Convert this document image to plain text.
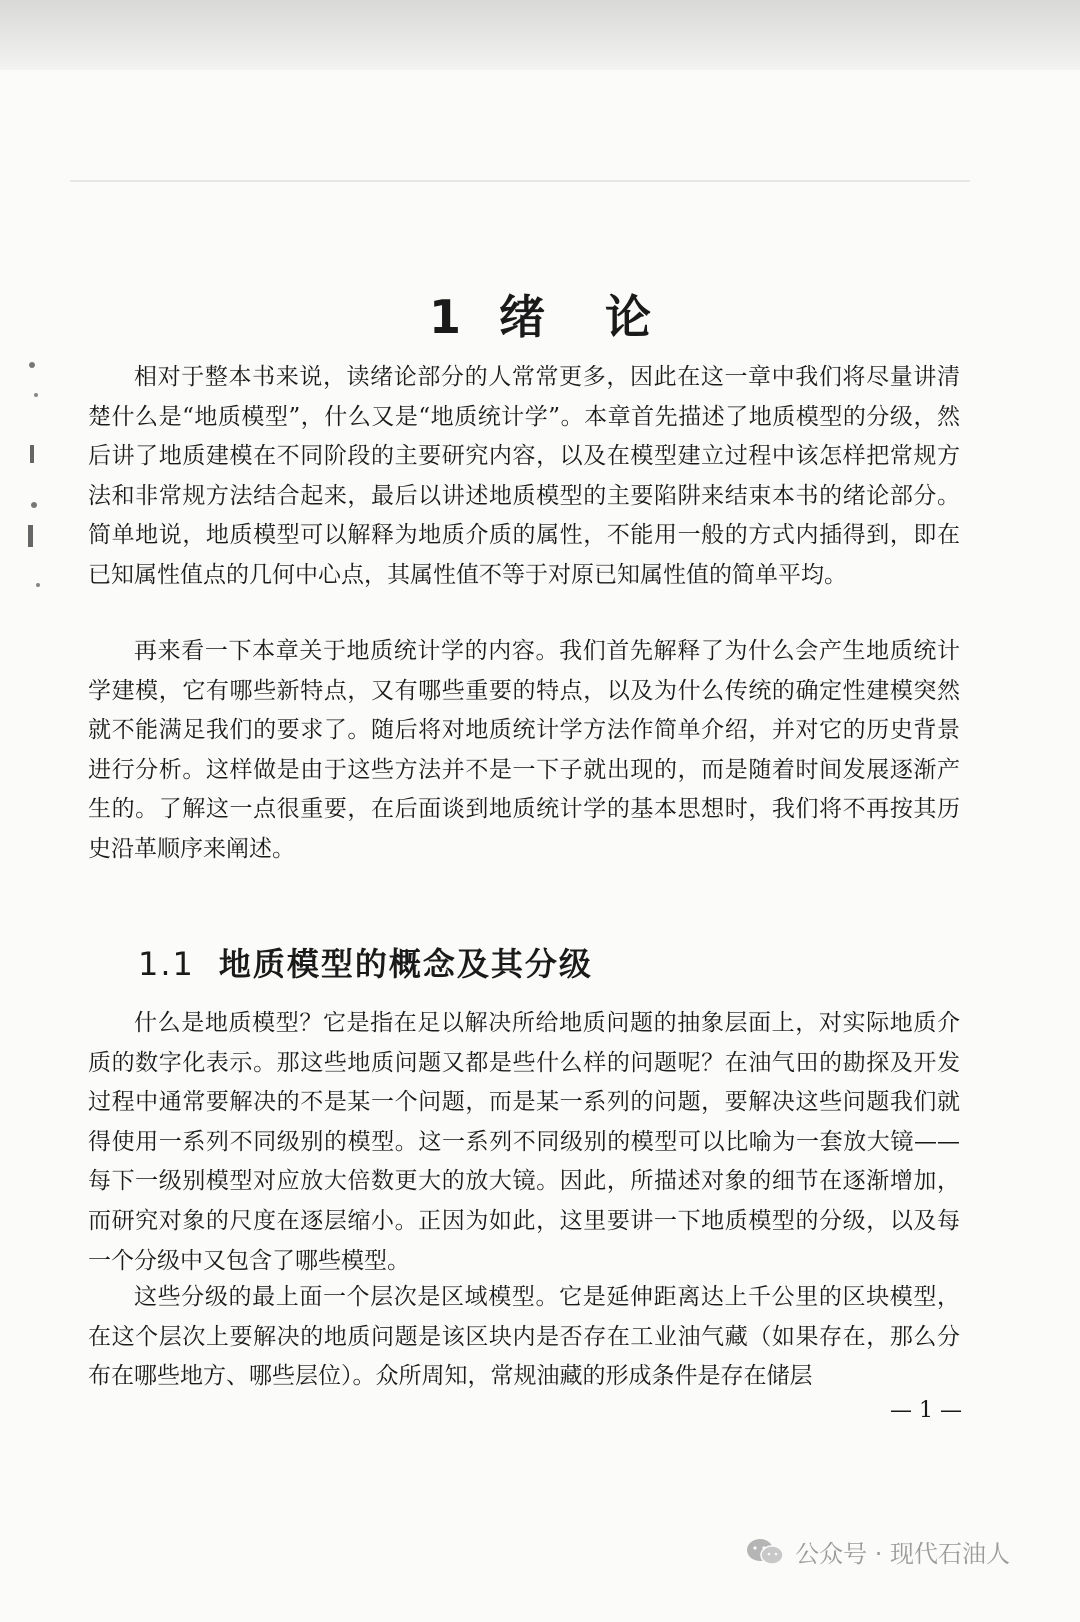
1 绪论

相对于整本书来说，读绪论部分的人常常更多，因此在这一章中我们将尽量讲清楚什么是“地质模型”，什么又是“地质统计学”。本章首先描述了地质模型的分级，然后讲了地质建模在不同阶段的主要研究内容，以及在模型建立过程中该怎样把常规方法和非常规方法结合起来，最后以讲述地质模型的主要陷阱来结束本书的绪论部分。简单地说，地质模型可以解释为地质介质的属性，不能用一般的方式内插得到，即在已知属性值点的几何中心点，其属性值不等于对原已知属性值的简单平均。

再来看一下本章关于地质统计学的内容。我们首先解释了为什么会产生地质统计学建模，它有哪些新特点，又有哪些重要的特点，以及为什么传统的确定性建模突然就不能满足我们的要求了。随后将对地质统计学方法作简单介绍，并对它的历史背景进行分析。这样做是由于这些方法并不是一下子就出现的，而是随着时间发展逐渐产生的。了解这一点很重要，在后面谈到地质统计学的基本思想时，我们将不再按其历史沿革顺序来阐述。

1.1 地质模型的概念及其分级

什么是地质模型？它是指在足以解决所给地质问题的抽象层面上，对实际地质介质的数字化表示。那这些地质问题又都是些什么样的问题呢？在油气田的勘探及开发过程中通常要解决的不是某一个问题，而是某一系列的问题，要解决这些问题我们就得使用一系列不同级别的模型。这一系列不同级别的模型可以比喻为一套放大镜——每下一级别模型对应放大倍数更大的放大镜。因此，所描述对象的细节在逐渐增加，而研究对象的尺度在逐层缩小。正因为如此，这里要讲一下地质模型的分级，以及每一个分级中又包含了哪些模型。

这些分级的最上面一个层次是区域模型。它是延伸距离达上千公里的区块模型，在这个层次上要解决的地质问题是该区块内是否存在工业油气藏（如果存在，那么分布在哪些地方、哪些层位）。众所周知，常规油藏的形成条件是存在储层

— 1 —
公众号 · 现代石油人
